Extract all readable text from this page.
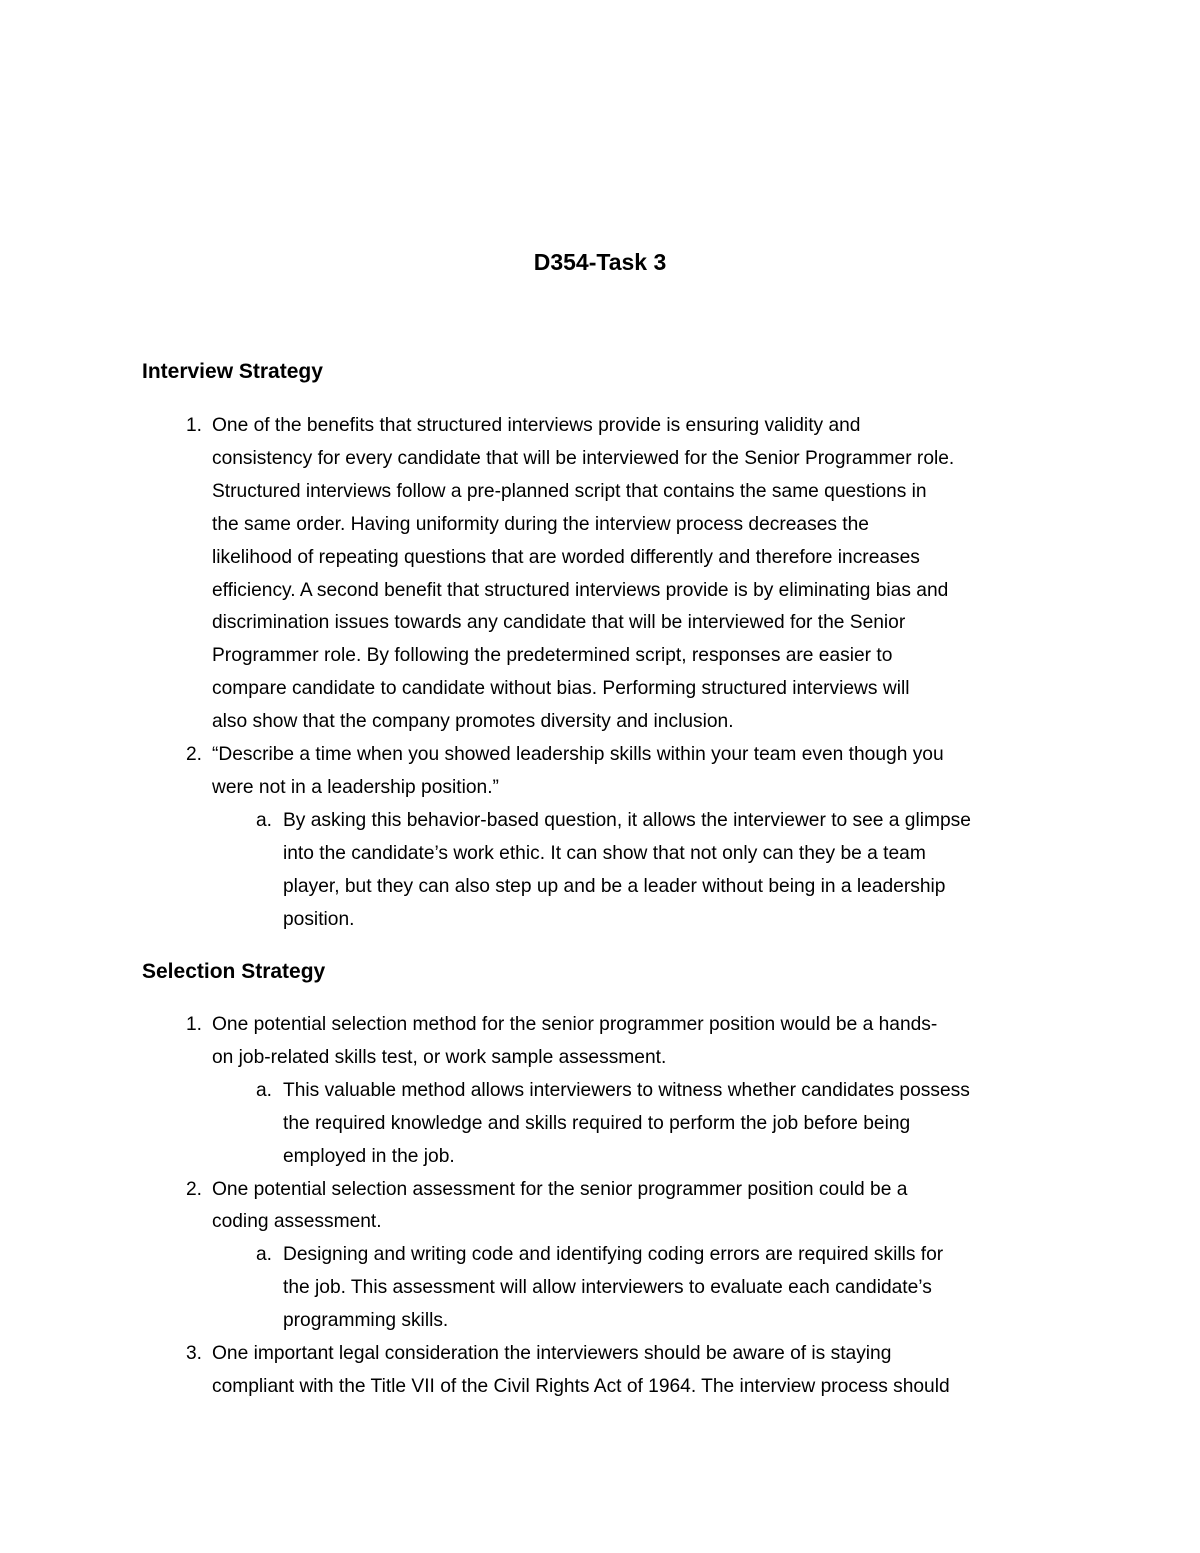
D354-Task 3
Interview Strategy
1. One of the benefits that structured interviews provide is ensuring validity and
consistency for every candidate that will be interviewed for the Senior Programmer role.
Structured interviews follow a pre-planned script that contains the same questions in
the same order. Having uniformity during the interview process decreases the
likelihood of repeating questions that are worded differently and therefore increases
efficiency. A second benefit that structured interviews provide is by eliminating bias and
discrimination issues towards any candidate that will be interviewed for the Senior
Programmer role. By following the predetermined script, responses are easier to
compare candidate to candidate without bias. Performing structured interviews will
also show that the company promotes diversity and inclusion.
2. “Describe a time when you showed leadership skills within your team even though you
were not in a leadership position.”
a. By asking this behavior-based question, it allows the interviewer to see a glimpse
into the candidate’s work ethic. It can show that not only can they be a team
player, but they can also step up and be a leader without being in a leadership
position.
Selection Strategy
1. One potential selection method for the senior programmer position would be a hands-
on job-related skills test, or work sample assessment.
a. This valuable method allows interviewers to witness whether candidates possess
the required knowledge and skills required to perform the job before being
employed in the job.
2. One potential selection assessment for the senior programmer position could be a
coding assessment.
a. Designing and writing code and identifying coding errors are required skills for
the job. This assessment will allow interviewers to evaluate each candidate’s
programming skills.
3. One important legal consideration the interviewers should be aware of is staying
compliant with the Title VII of the Civil Rights Act of 1964. The interview process should
